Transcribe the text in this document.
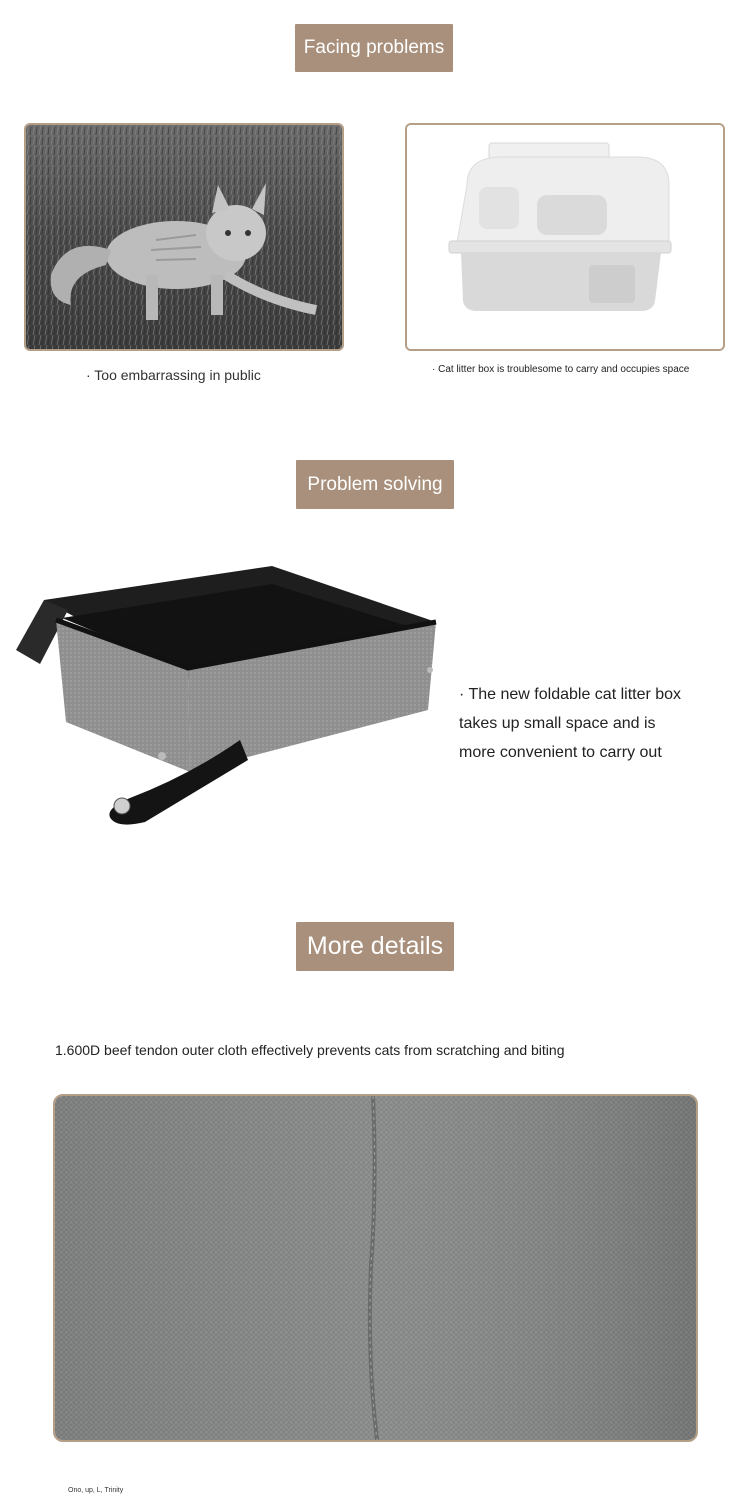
Facing problems
· Too embarrassing in public	· Cat litter box is troublesome to carry and occupies space
Problem solving
· The new foldable cat litter box
takes up small space and is
more convenient to carry out
More details
1.600D beef tendon outer cloth effectively prevents cats from scratching and biting
Ono, up, L, Trinity
